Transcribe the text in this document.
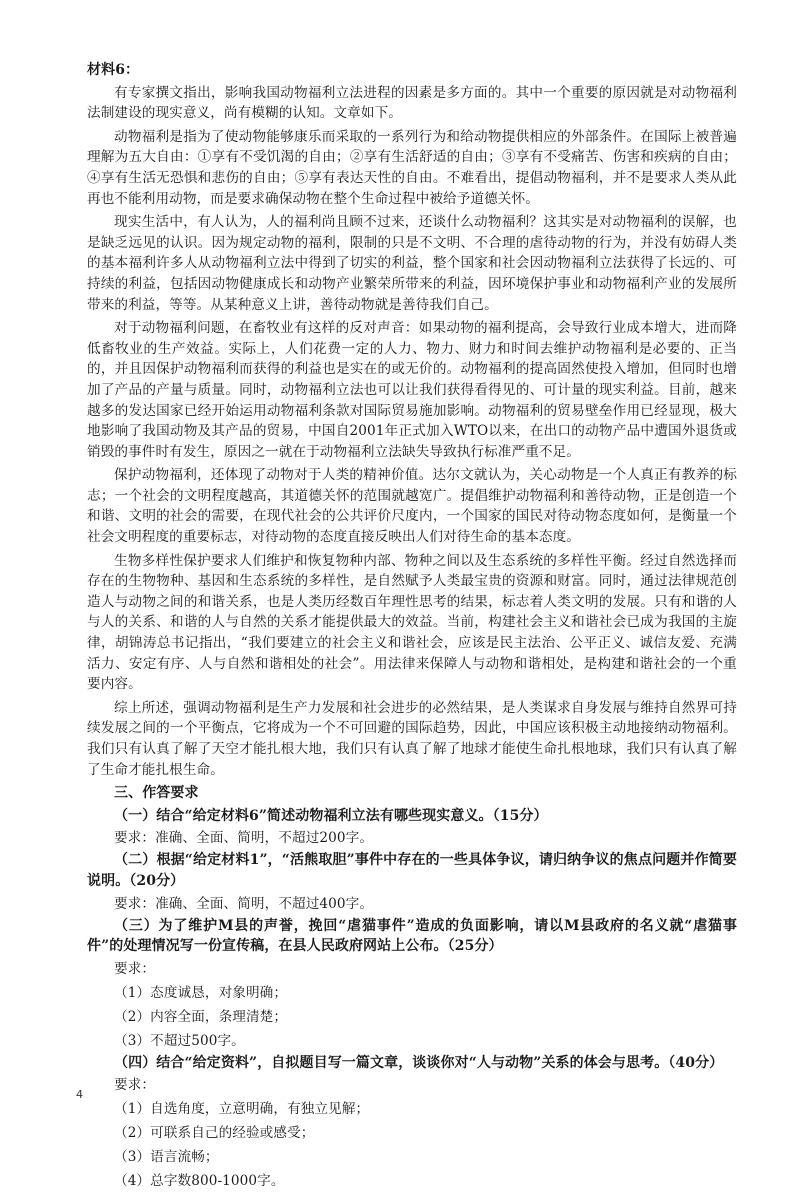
材料6：

有专家撰文指出，影响我国动物福利立法进程的因素是多方面的。其中一个重要的原因就是对动物福利法制建设的现实意义，尚有模糊的认知。文章如下。

动物福利是指为了使动物能够康乐而采取的一系列行为和给动物提供相应的外部条件。在国际上被普遍理解为五大自由：①享有不受饥渴的自由；②享有生活舒适的自由；③享有不受痛苦、伤害和疾病的自由；④享有生活无恐惧和悲伤的自由；⑤享有表达天性的自由。不难看出，提倡动物福利，并不是要求人类从此再也不能利用动物，而是要求确保动物在整个生命过程中被给予道德关怀。

现实生活中，有人认为，人的福利尚且顾不过来，还谈什么动物福利？这其实是对动物福利的误解，也是缺乏远见的认识。因为规定动物的福利，限制的只是不文明、不合理的虐待动物的行为，并没有妨碍人类的基本福利许多人从动物福利立法中得到了切实的利益，整个国家和社会因动物福利立法获得了长远的、可持续的利益，包括因动物健康成长和动物产业繁荣所带来的利益，因环境保护事业和动物福利产业的发展所带来的利益，等等。从某种意义上讲，善待动物就是善待我们自己。

对于动物福利问题，在畜牧业有这样的反对声音：如果动物的福利提高，会导致行业成本增大，进而降低畜牧业的生产效益。实际上，人们花费一定的人力、物力、财力和时间去维护动物福利是必要的、正当的，并且因保护动物福利而获得的利益也是实在的或无价的。动物福利的提高固然使投入增加，但同时也增加了产品的产量与质量。同时，动物福利立法也可以让我们获得看得见的、可计量的现实利益。目前，越来越多的发达国家已经开始运用动物福利条款对国际贸易施加影响。动物福利的贸易壁垒作用已经显现，极大地影响了我国动物及其产品的贸易，中国自2001年正式加入WTO以来，在出口的动物产品中遭国外退货或销毁的事件时有发生，原因之一就在于动物福利立法缺失导致执行标准严重不足。

保护动物福利，还体现了动物对于人类的精神价值。达尔文就认为，关心动物是一个人真正有教养的标志；一个社会的文明程度越高，其道德关怀的范围就越宽广。提倡维护动物福利和善待动物，正是创造一个和谐、文明的社会的需要，在现代社会的公共评价尺度内，一个国家的国民对待动物态度如何，是衡量一个社会文明程度的重要标志，对待动物的态度直接反映出人们对待生命的基本态度。

生物多样性保护要求人们维护和恢复物种内部、物种之间以及生态系统的多样性平衡。经过自然选择而存在的生物物种、基因和生态系统的多样性，是自然赋予人类最宝贵的资源和财富。同时，通过法律规范创造人与动物之间的和谐关系，也是人类历经数百年理性思考的结果，标志着人类文明的发展。只有和谐的人与人的关系、和谐的人与自然的关系才能提供最大的效益。当前，构建社会主义和谐社会已成为我国的主旋律，胡锦涛总书记指出，“我们要建立的社会主义和谐社会，应该是民主法治、公平正义、诚信友爱、充满活力、安定有序、人与自然和谐相处的社会”。用法律来保障人与动物和谐相处，是构建和谐社会的一个重要内容。

综上所述，强调动物福利是生产力发展和社会进步的必然结果，是人类谋求自身发展与维持自然界可持续发展之间的一个平衡点，它将成为一个不可回避的国际趋势，因此，中国应该积极主动地接纳动物福利。我们只有认真了解了天空才能扎根大地，我们只有认真了解了地球才能使生命扎根地球，我们只有认真了解了生命才能扎根生命。

三、作答要求

（一）结合“给定材料6”简述动物福利立法有哪些现实意义。（15分）

要求：准确、全面、简明，不超过200字。

（二）根据“给定材料1”，“活熊取胆”事件中存在的一些具体争议，请归纳争议的焦点问题并作简要说明。（20分）

要求：准确、全面、简明，不超过400字。

（三）为了维护M县的声誉，挽回“虐猫事件”造成的负面影响，请以M县政府的名义就“虐猫事件”的处理情况写一份宣传稿，在县人民政府网站上公布。（25分）

要求：

（1）态度诚恳，对象明确；

（2）内容全面，条理清楚；

（3）不超过500字。

（四）结合“给定资料”，自拟题目写一篇文章，谈谈你对“人与动物”关系的体会与思考。（40分）

要求：

（1）自选角度，立意明确，有独立见解；

（2）可联系自己的经验或感受；

（3）语言流畅；

（4）总字数800-1000字。

4
